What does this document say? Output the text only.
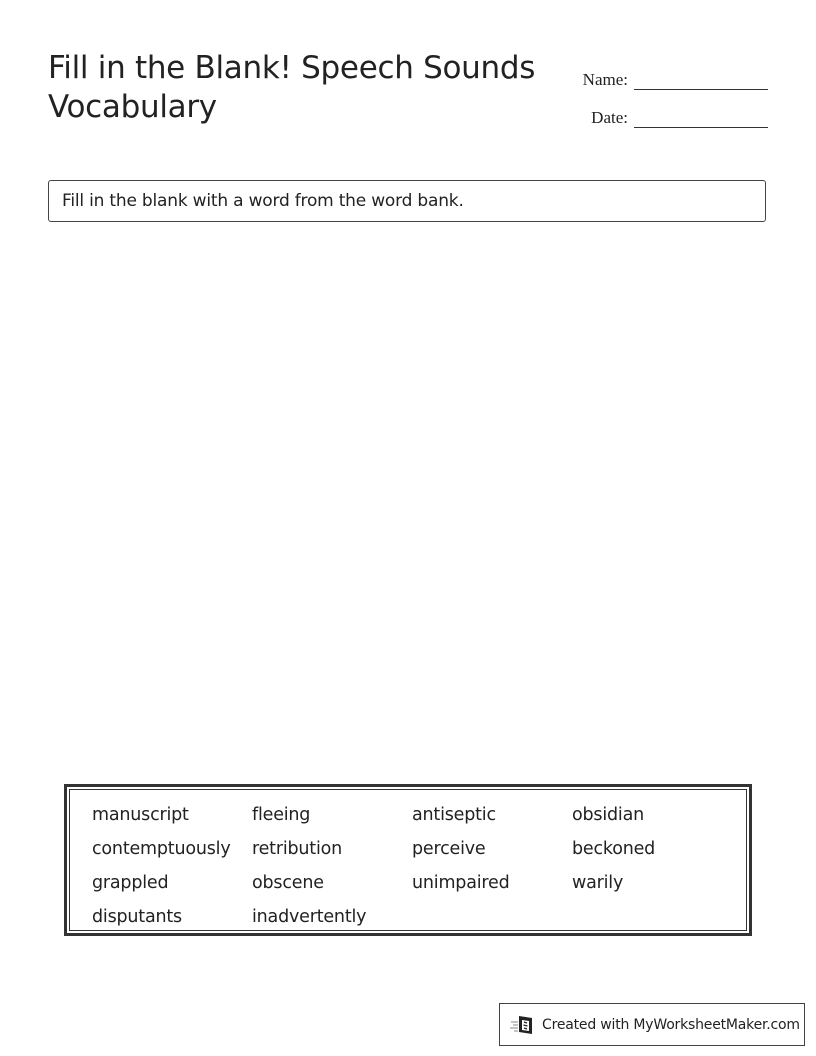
Fill in the Blank! Speech Sounds Vocabulary
Name:
Date:
Fill in the blank with a word from the word bank.
manuscript	fleeing	antiseptic	obsidian
contemptuously	retribution	perceive	beckoned
grappled	obscene	unimpaired	warily
disputants	inadvertently
Created with MyWorksheetMaker.com
